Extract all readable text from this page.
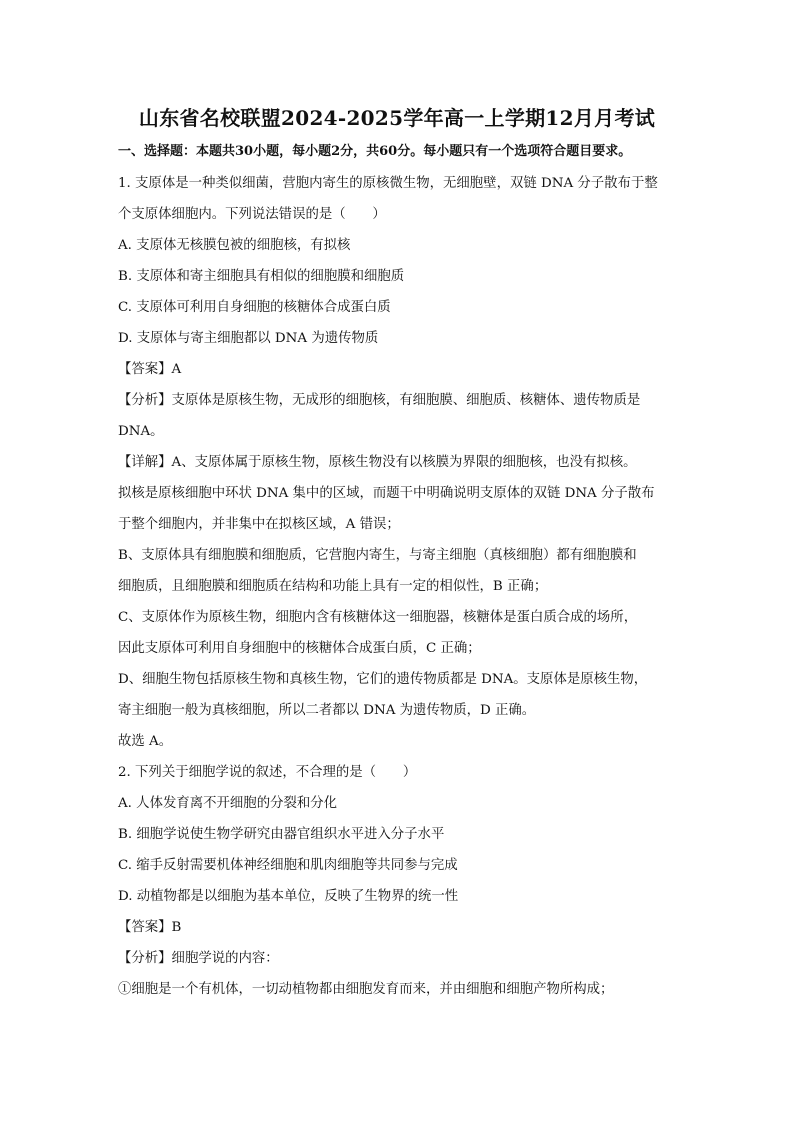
山东省名校联盟2024-2025学年高一上学期12月月考试
一、选择题：本题共30小题，每小题2分，共60分。每小题只有一个选项符合题目要求。

1. 支原体是一种类似细菌，营胞内寄生的原核微生物，无细胞壁，双链 DNA 分子散布于整

个支原体细胞内。下列说法错误的是（　　）

A. 支原体无核膜包被的细胞核，有拟核

B. 支原体和寄主细胞具有相似的细胞膜和细胞质

C. 支原体可利用自身细胞的核糖体合成蛋白质

D. 支原体与寄主细胞都以 DNA 为遗传物质

【答案】A

【分析】支原体是原核生物，无成形的细胞核，有细胞膜、细胞质、核糖体、遗传物质是

DNA。

【详解】A、支原体属于原核生物，原核生物没有以核膜为界限的细胞核，也没有拟核。

拟核是原核细胞中环状 DNA 集中的区域，而题干中明确说明支原体的双链 DNA 分子散布

于整个细胞内，并非集中在拟核区域，A 错误；

B、支原体具有细胞膜和细胞质，它营胞内寄生，与寄主细胞（真核细胞）都有细胞膜和

细胞质，且细胞膜和细胞质在结构和功能上具有一定的相似性，B 正确；

C、支原体作为原核生物，细胞内含有核糖体这一细胞器，核糖体是蛋白质合成的场所，

因此支原体可利用自身细胞中的核糖体合成蛋白质，C 正确；

D、细胞生物包括原核生物和真核生物，它们的遗传物质都是 DNA。支原体是原核生物，

寄主细胞一般为真核细胞，所以二者都以 DNA 为遗传物质，D 正确。

故选 A。

2. 下列关于细胞学说的叙述，不合理的是（　　）

A. 人体发育离不开细胞的分裂和分化

B. 细胞学说使生物学研究由器官组织水平进入分子水平

C. 缩手反射需要机体神经细胞和肌肉细胞等共同参与完成

D. 动植物都是以细胞为基本单位，反映了生物界的统一性

【答案】B

【分析】细胞学说的内容：

①细胞是一个有机体，一切动植物都由细胞发育而来，并由细胞和细胞产物所构成；
